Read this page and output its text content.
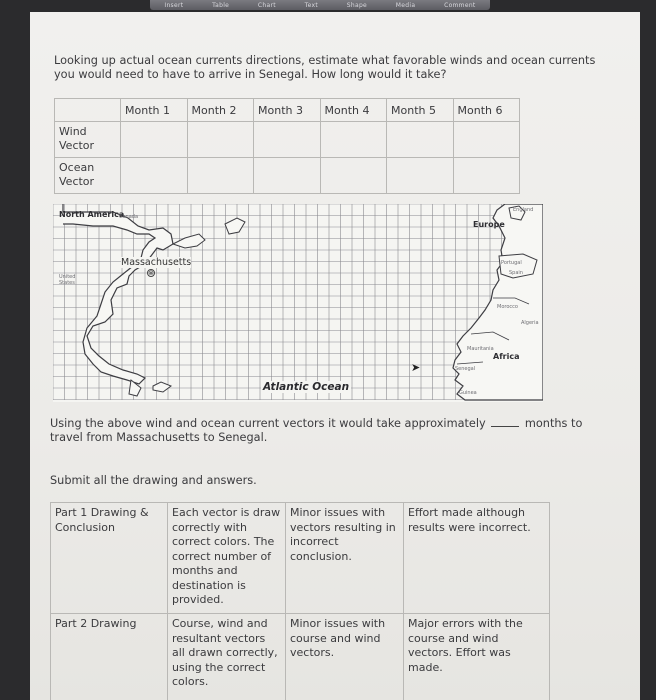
Insert	Table	Chart	Text	Shape	Media	Comment

Looking up actual ocean currents directions, estimate what favorable winds and ocean currents you would need to have to arrive in Senegal. How long would it take?

	Month 1	Month 2	Month 3	Month 4	Month 5	Month 6
Wind Vector						
Ocean Vector						
North America
Canada
Massachusetts
⊗
United States
Europe
England
Portugal
Spain
Morocco
Algeria
Mauritania
Africa
Senegal
Guinea
Atlantic Ocean
➤

Using the above wind and ocean current vectors it would take approximately	months to travel from Massachusetts to Senegal.

Submit all the drawing and answers.

Part 1 Drawing & Conclusion	Each vector is draw correctly with correct colors. The correct number of months and destination is provided.	Minor issues with vectors resulting in incorrect conclusion.	Effort made although results were incorrect.
Part 2 Drawing	Course, wind and resultant vectors all drawn correctly, using the correct colors.	Minor issues with course and wind vectors.	Major errors with the course and wind vectors. Effort was made.
